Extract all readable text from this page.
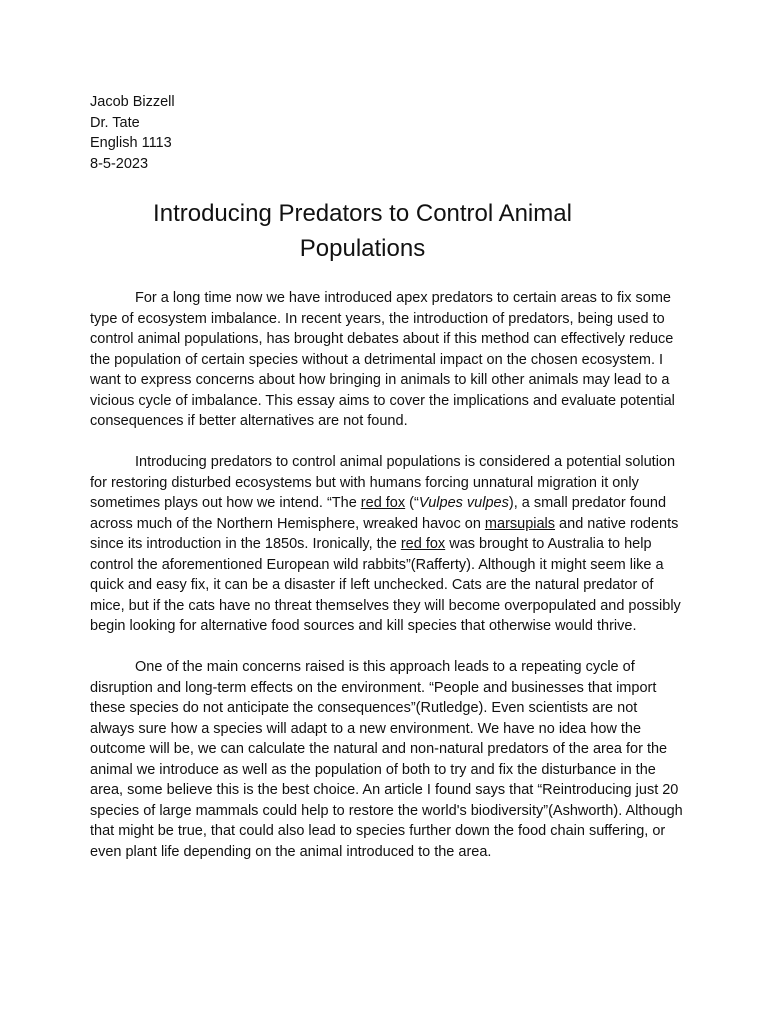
Jacob Bizzell
Dr. Tate
English 1113
8-5-2023
Introducing Predators to Control Animal Populations

For a long time now we have introduced apex predators to certain areas to fix some type of ecosystem imbalance. In recent years, the introduction of predators, being used to control animal populations, has brought debates about if this method can effectively reduce the population of certain species without a detrimental impact on the chosen ecosystem. I want to express concerns about how bringing in animals to kill other animals may lead to a vicious cycle of imbalance. This essay aims to cover the implications and evaluate potential consequences if better alternatives are not found.

Introducing predators to control animal populations is considered a potential solution for restoring disturbed ecosystems but with humans forcing unnatural migration it only sometimes plays out how we intend. “The red fox (“Vulpes vulpes), a small predator found across much of the Northern Hemisphere, wreaked havoc on marsupials and native rodents since its introduction in the 1850s. Ironically, the red fox was brought to Australia to help control the aforementioned European wild rabbits”(Rafferty). Although it might seem like a quick and easy fix, it can be a disaster if left unchecked. Cats are the natural predator of mice, but if the cats have no threat themselves they will become overpopulated and possibly begin looking for alternative food sources and kill species that otherwise would thrive.

One of the main concerns raised is this approach leads to a repeating cycle of disruption and long-term effects on the environment. “People and businesses that import these species do not anticipate the consequences”(Rutledge). Even scientists are not always sure how a species will adapt to a new environment. We have no idea how the outcome will be, we can calculate the natural and non-natural predators of the area for the animal we introduce as well as the population of both to try and fix the disturbance in the area, some believe this is the best choice. An article I found says that “Reintroducing just 20 species of large mammals could help to restore the world's biodiversity”(Ashworth). Although that might be true, that could also lead to species further down the food chain suffering, or even plant life depending on the animal introduced to the area.
